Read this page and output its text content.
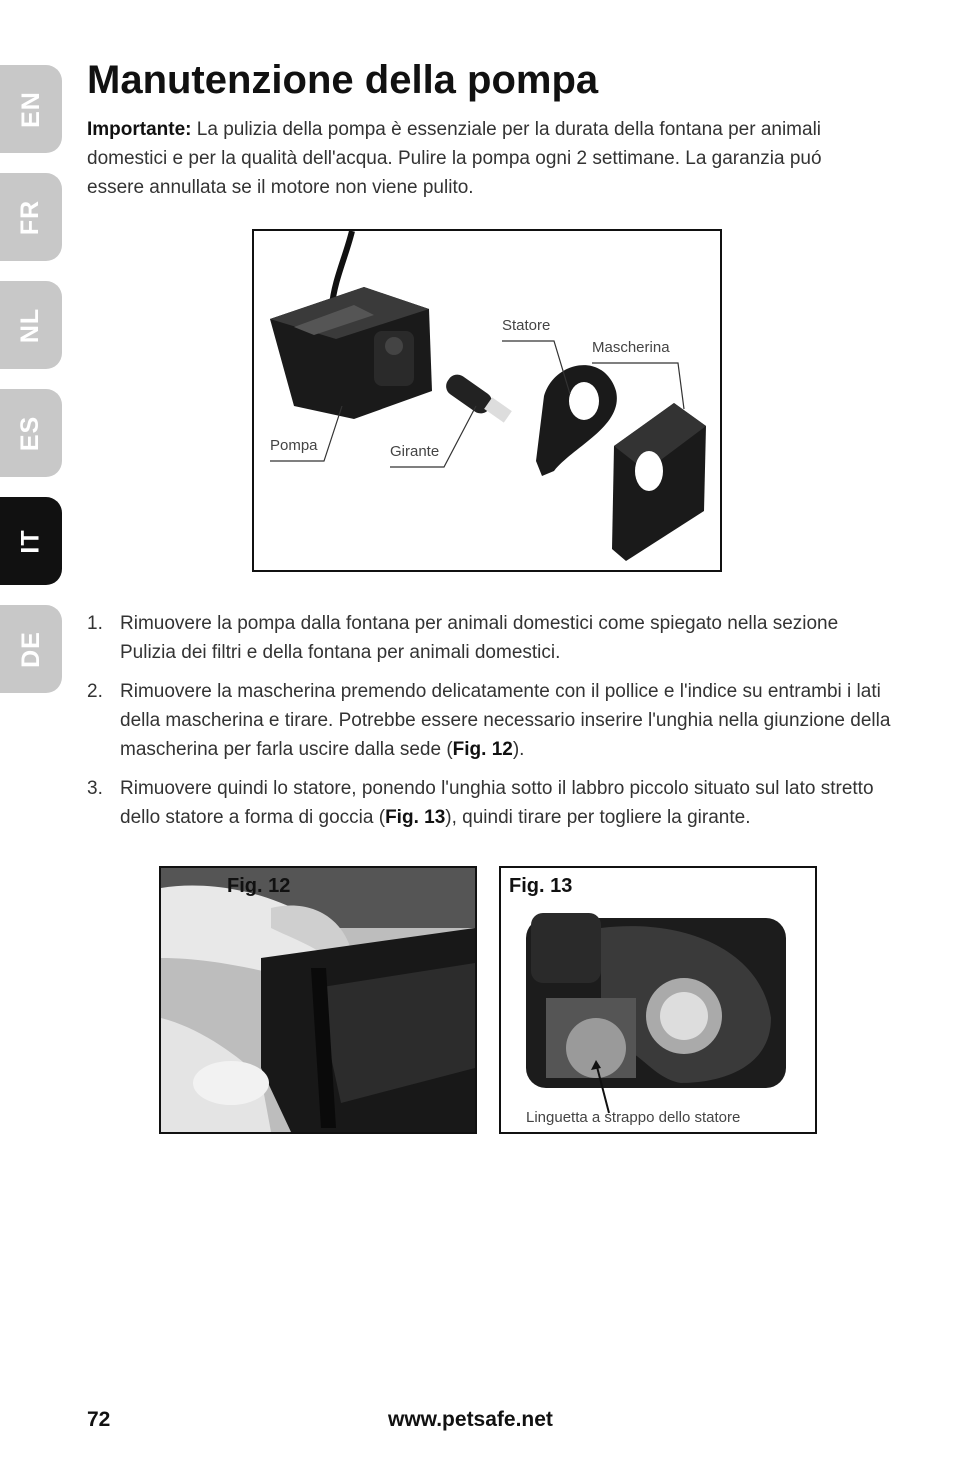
EN
FR
NL
ES
IT
DE
Manutenzione della pompa

Importante: La pulizia della pompa è essenziale per la durata della fontana per animali domestici e per la qualità dell'acqua. Pulire la pompa ogni 2 settimane. La garanzia puó essere annullata se il motore non viene pulito.

Statore
Mascherina
Pompa	Girante
1. Rimuovere la pompa dalla fontana per animali domestici come spiegato nella sezione Pulizia dei filtri e della fontana per animali domestici.
2. Rimuovere la mascherina premendo delicatamente con il pollice e l'indice su entrambi i lati della mascherina e tirare. Potrebbe essere necessario inserire l'unghia nella giunzione della mascherina per farla uscire dalla sede (Fig. 12).
3. Rimuovere quindi lo statore, ponendo l'unghia sotto il labbro piccolo situato sul lato stretto dello statore a forma di goccia (Fig. 13), quindi tirare per togliere la girante.
Fig. 12	Fig. 13
Linguetta a strappo dello statore
72	www.petsafe.net
